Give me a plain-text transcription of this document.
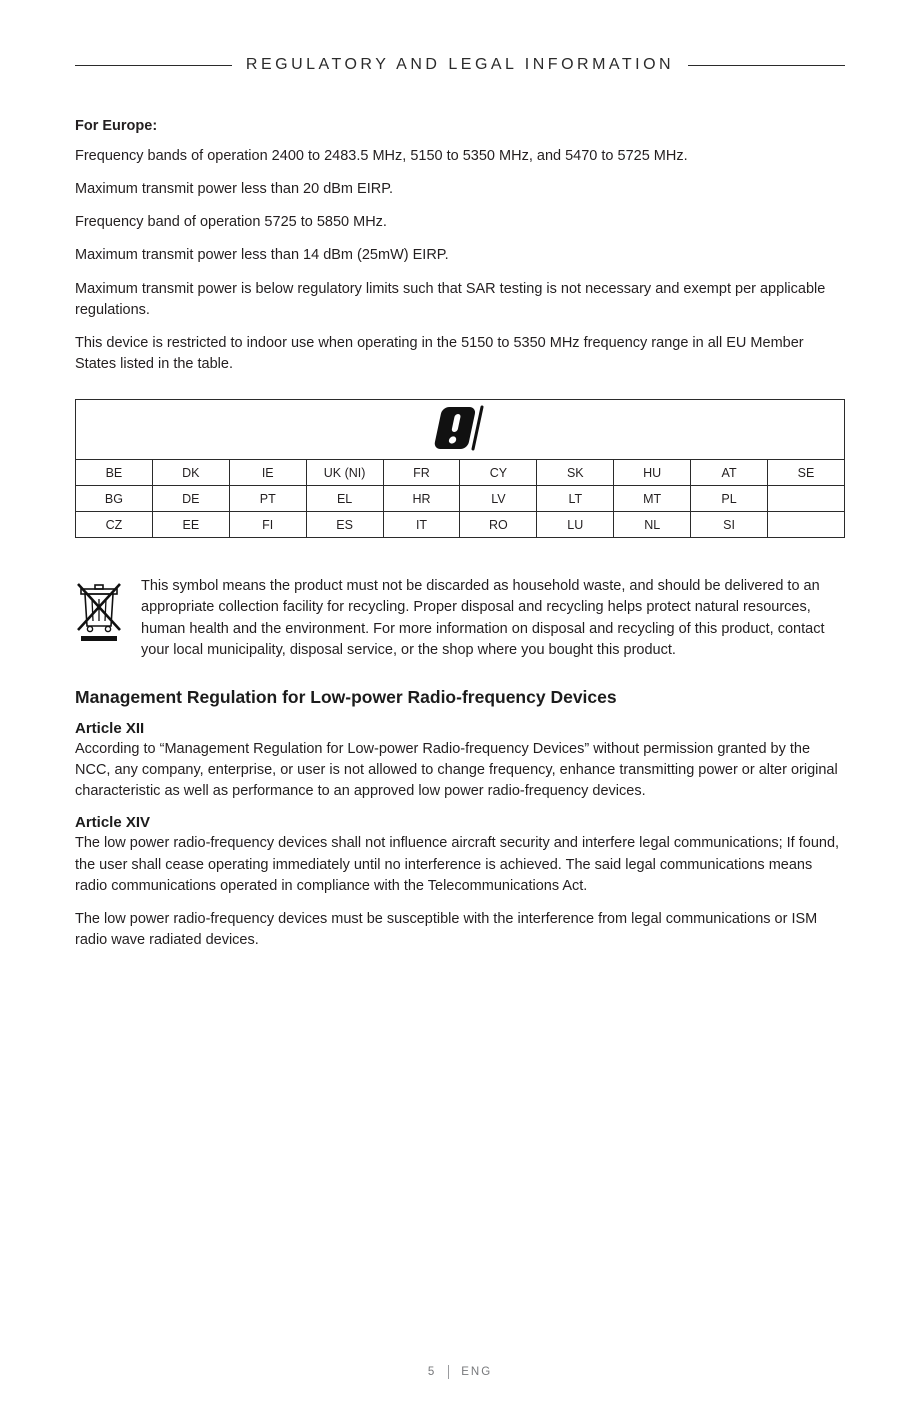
REGULATORY AND LEGAL INFORMATION

For Europe:

Frequency bands of operation 2400 to 2483.5 MHz, 5150 to 5350 MHz, and 5470 to 5725 MHz.

Maximum transmit power less than 20 dBm EIRP.

Frequency band of operation 5725 to 5850 MHz.

Maximum transmit power less than 14 dBm (25mW) EIRP.

Maximum transmit power is below regulatory limits such that SAR testing is not necessary and exempt per applicable regulations.

This device is restricted to indoor use when operating in the 5150 to 5350 MHz frequency range in all EU Member States listed in the table.

BE	DK	IE	UK (NI)	FR	CY	SK	HU	AT	SE
BG	DE	PT	EL	HR	LV	LT	MT	PL	
CZ	EE	FI	ES	IT	RO	LU	NL	SI	

This symbol means the product must not be discarded as household waste, and should be delivered to an appropriate collection facility for recycling. Proper disposal and recycling helps protect natural resources, human health and the environment. For more information on disposal and recycling of this product, contact your local municipality, disposal service, or the shop where you bought this product.

Management Regulation for Low-power Radio-frequency Devices
Article XII

According to “Management Regulation for Low-power Radio-frequency Devices” without permission granted by the NCC, any company, enterprise, or user is not allowed to change frequency, enhance transmitting power or alter original characteristic as well as performance to an approved low power radio-frequency devices.

Article XIV

The low power radio-frequency devices shall not influence aircraft security and interfere legal communications; If found, the user shall cease operating immediately until no interference is achieved. The said legal communications means radio communications operated in compliance with the Telecommunications Act.

The low power radio-frequency devices must be susceptible with the interference from legal communications or ISM radio wave radiated devices.

5 ENG
